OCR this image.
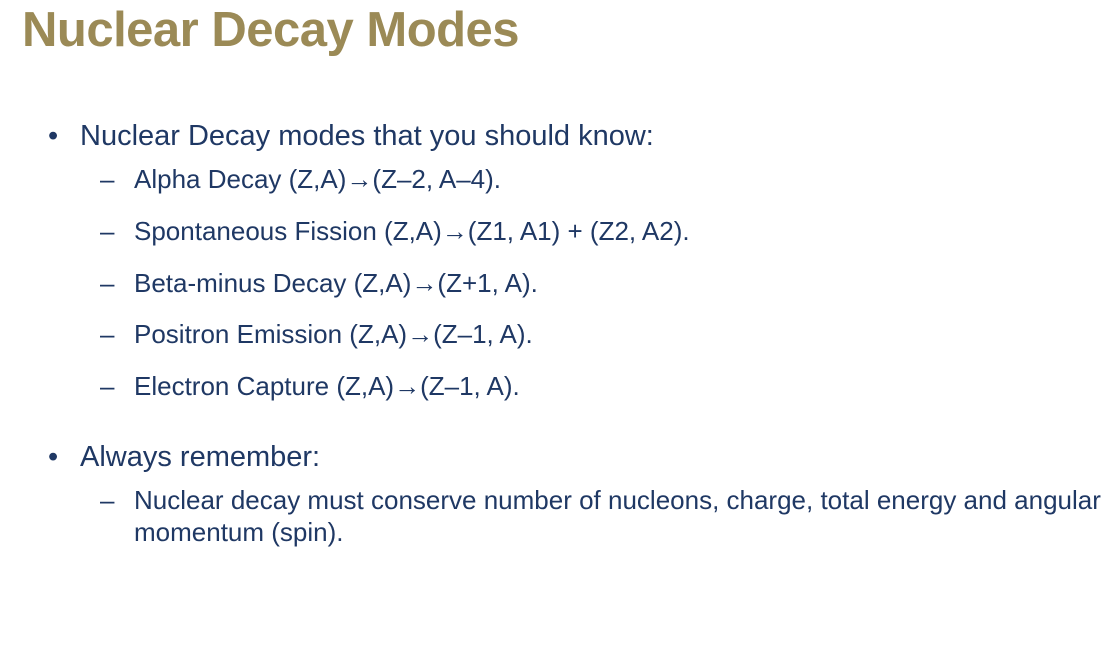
Nuclear Decay Modes
• Nuclear Decay modes that you should know:
– Alpha Decay (Z,A)→(Z–2, A–4).
– Spontaneous Fission (Z,A)→(Z1, A1) + (Z2, A2).
– Beta-minus Decay (Z,A)→(Z+1, A).
– Positron Emission (Z,A)→(Z–1, A).
– Electron Capture (Z,A)→(Z–1, A).
• Always remember:
– Nuclear decay must conserve number of nucleons, charge, total energy and angular momentum (spin).
